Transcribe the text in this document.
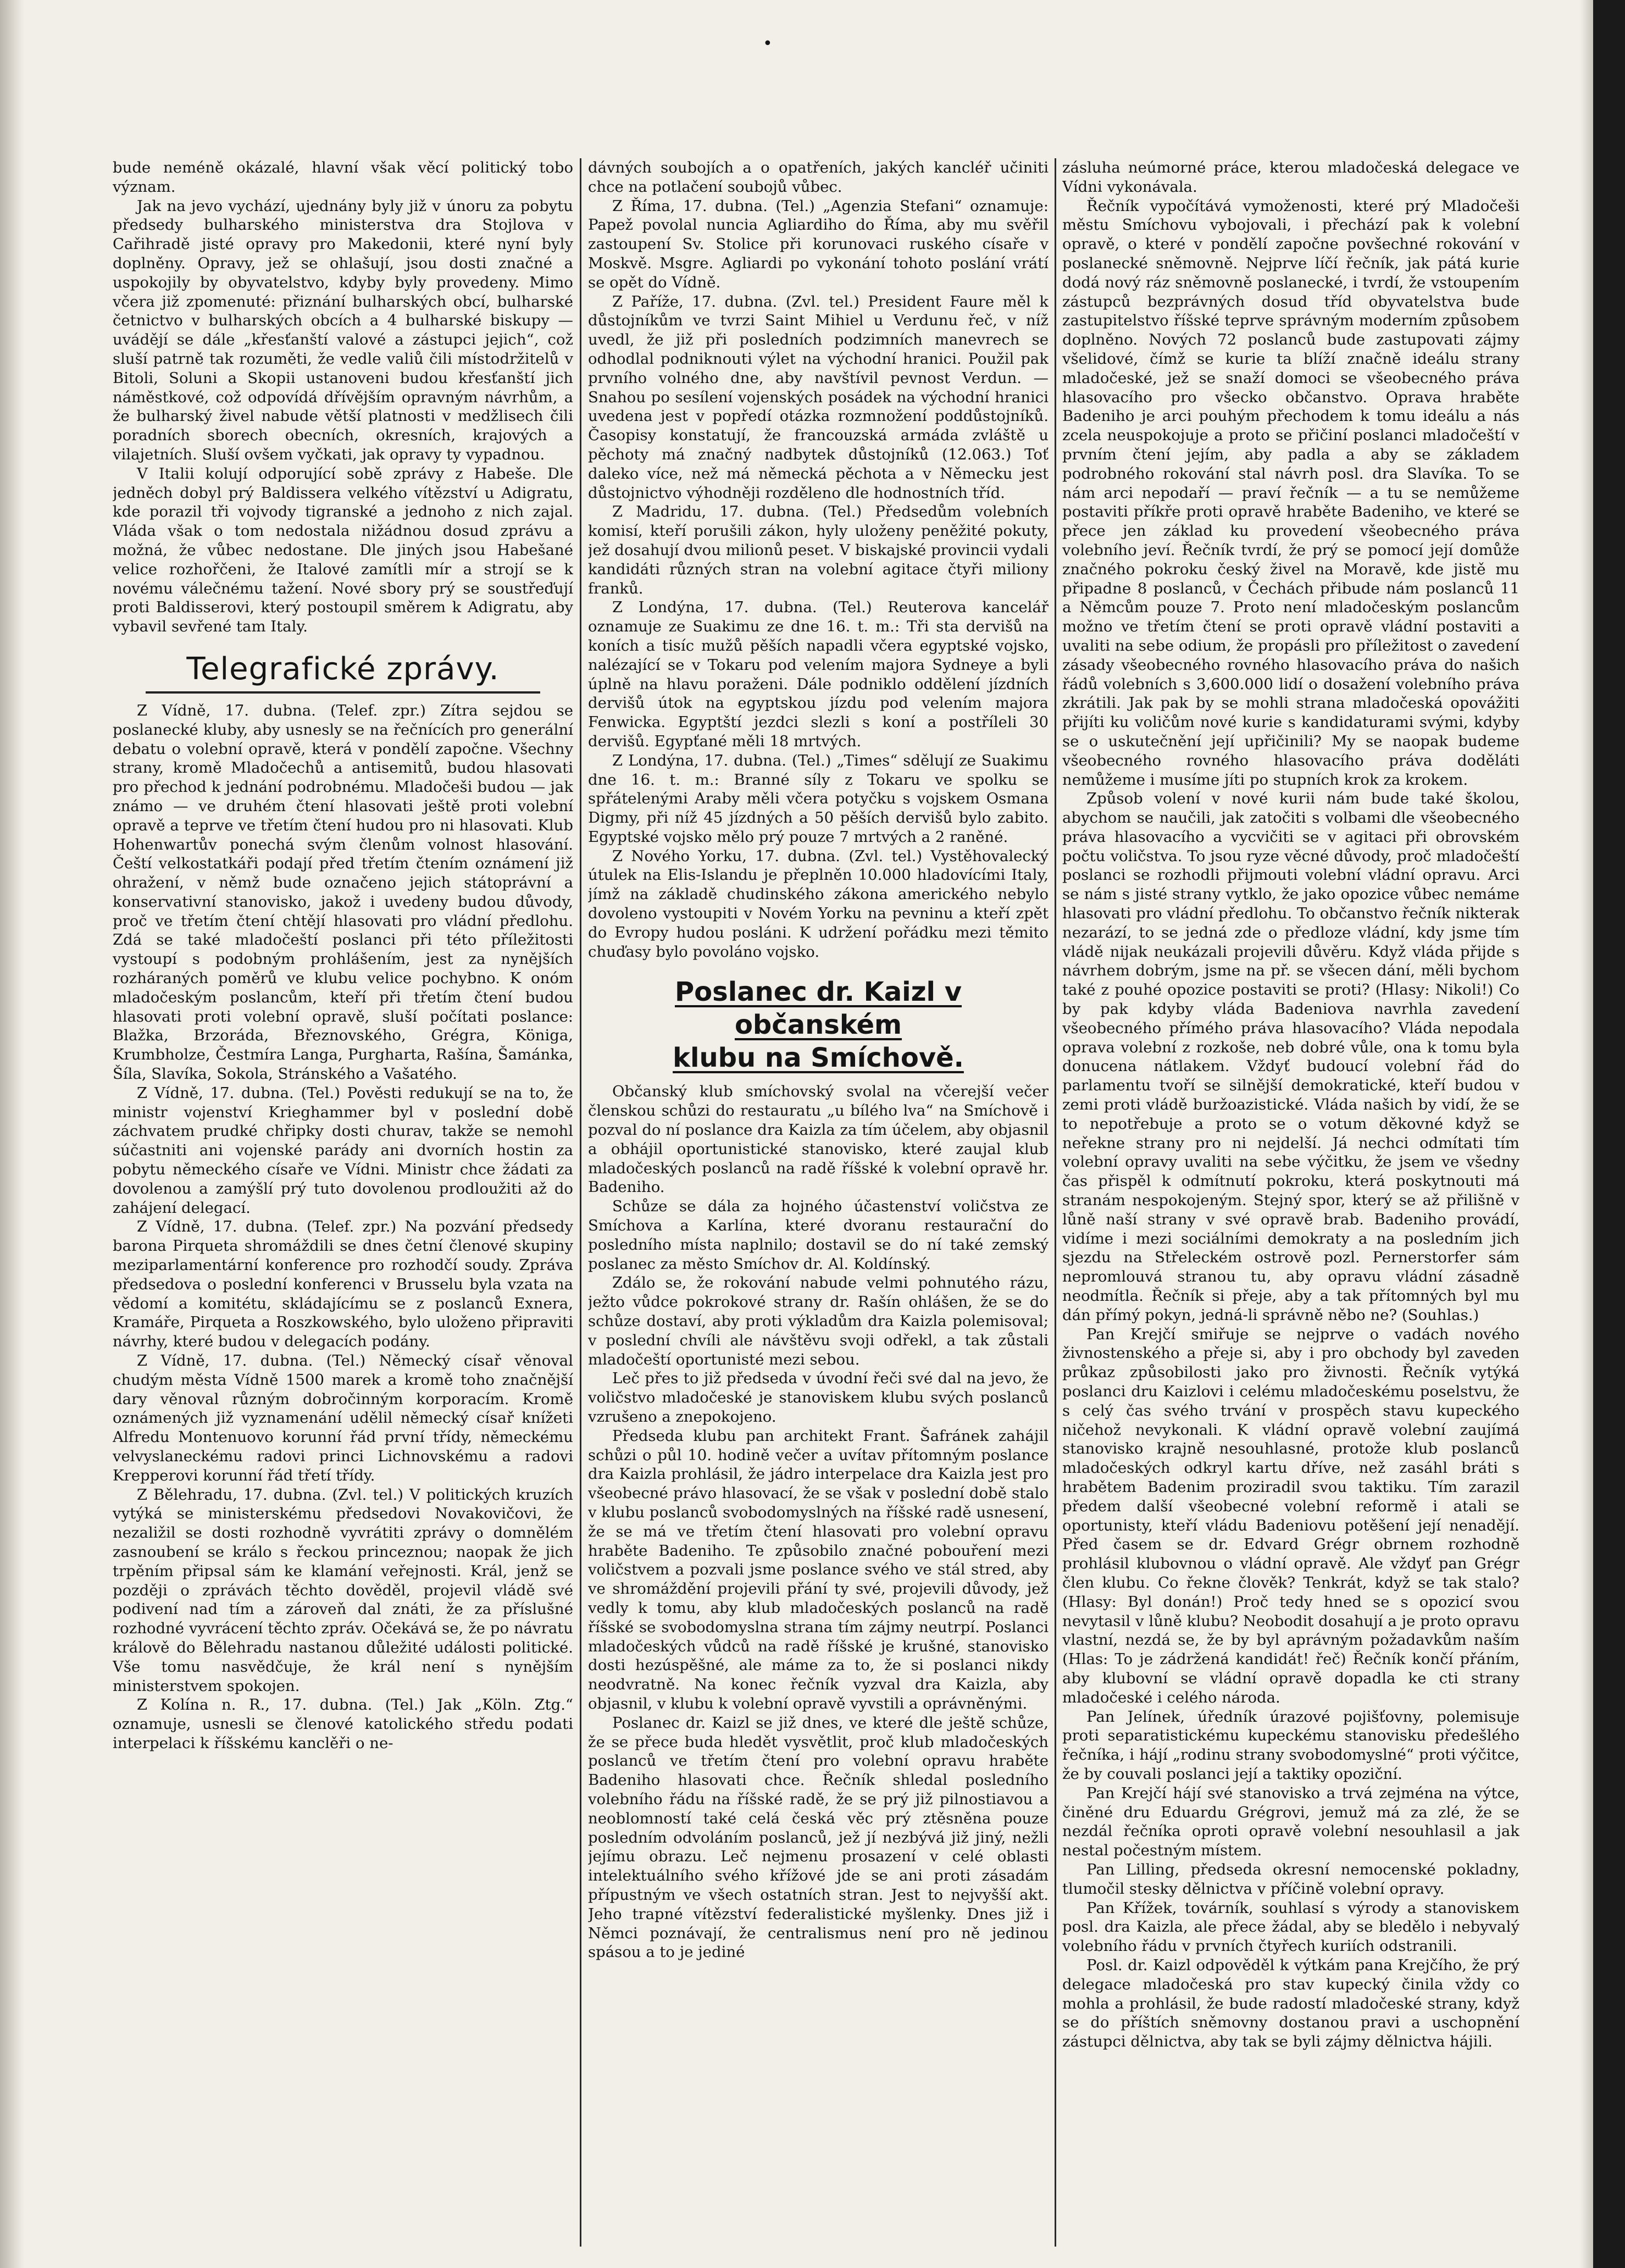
•

bude neméně okázalé, hlavní však věcí politický tobo význam.

Jak na jevo vychází, ujednány byly již v únoru za pobytu předsedy bulharského ministerstva dra Stojlova v Cařihradě jisté opravy pro Makedonii, které nyní byly doplněny. Opravy, jež se ohlašují, jsou dosti značné a uspokojily by obyvatelstvo, kdyby byly provedeny. Mimo včera již zpomenuté: přiznání bulharských obcí, bulharské četnictvo v bulharských obcích a 4 bulharské biskupy — uvádějí se dále „křesťanští valové a zástupci jejich“, což sluší patrně tak rozuměti, že vedle valiů čili místodržitelů v Bitoli, Soluni a Skopii ustanoveni budou křesťanští jich náměstkové, což odpovídá dřívějším opravným návrhům, a že bulharský živel nabude větší platnosti v medžlisech čili poradních sborech obecních, okresních, krajových a vilajetních. Sluší ovšem vyčkati, jak opravy ty vypadnou.

V Italii kolují odporující sobě zprávy z Habeše. Dle jedněch dobyl prý Baldissera velkého vítězství u Adigratu, kde porazil tři vojvody tigranské a jednoho z nich zajal. Vláda však o tom nedostala nižádnou dosud zprávu a možná, že vůbec nedostane. Dle jiných jsou Habešané velice rozhořčeni, že Italové zamítli mír a strojí se k novému válečnému tažení. Nové sbory prý se soustřeďují proti Baldisserovi, který postoupil směrem k Adigratu, aby vybavil sevřené tam Italy.

Telegrafické zprávy.

Z Vídně, 17. dubna. (Telef. zpr.) Zítra sejdou se poslanecké kluby, aby usnesly se na řečnících pro generální debatu o volební opravě, která v pondělí započne. Všechny strany, kromě Mladočechů a antisemitů, budou hlasovati pro přechod k jednání podrobnému. Mladočeši budou — jak známo — ve druhém čtení hlasovati ještě proti volební opravě a teprve ve třetím čtení hudou pro ni hlasovati. Klub Hohenwartův ponechá svým členům volnost hlasování. Čeští velkostatkáři podají před třetím čtením oznámení již ohražení, v němž bude označeno jejich státoprávní a konservativní stanovisko, jakož i uvedeny budou důvody, proč ve třetím čtení chtějí hlasovati pro vládní předlohu. Zdá se také mladočeští poslanci při této příležitosti vystoupí s podobným prohlášením, jest za nynějších rozháraných poměrů ve klubu velice pochybno. K onóm mladočeským poslancům, kteří při třetím čtení budou hlasovati proti volební opravě, sluší počítati poslance: Blažka, Brzoráda, Březnovského, Grégra, Königa, Krumbholze, Čestmíra Langa, Purghartа, Rašína, Šamánka, Šíla, Slavíka, Sokola, Stránského a Vašatého.

Z Vídně, 17. dubna. (Tel.) Pověsti redukují se na to, že ministr vojenství Krieghammer byl v poslední době záchvatem prudké chřipky dosti churav, takže se nemohl súčastniti ani vojenské parády ani dvorních hostin za pobytu německého císaře ve Vídni. Ministr chce žádati za dovolenou a zamýšlí prý tuto dovolenou prodloužiti až do zahájení delegací.

Z Vídně, 17. dubna. (Telef. zpr.) Na pozvání předsedy barona Pirqueta shromáždili se dnes četní členové skupiny meziparlamentární konference pro rozhodčí soudy. Zpráva předsedova o poslední konferenci v Brusselu byla vzata na vědomí a komitétu, skládajícímu se z poslanců Exnera, Kramáře, Pirqueta a Roszkowského, bylo uloženo připraviti návrhy, které budou v delegacích podány.

Z Vídně, 17. dubna. (Tel.) Německý císař věnoval chudým města Vídně 1500 marek a kromě toho značnější dary věnoval různým dobročinným korporacím. Kromě oznámených již vyznamenání udělil německý císař knížeti Alfredu Montenuovo korunní řád první třídy, německému velvyslaneckému radovi princi Lichnovskému a radovi Krepperovi korunní řád třetí třídy.

Z Bělehradu, 17. dubna. (Zvl. tel.) V politických kruzích vytýká se ministerskému předsedovi Novakovičovi, že nezaližil se dosti rozhodně vyvrátiti zprávy o domnělém zasnoubení se králo s řeckou princeznou; naopak že jich trpěním připsal sám ke klamání veřejnosti. Král, jenž se později o zprávách těchto dověděl, projevil vládě své podivení nad tím a zároveň dal znáti, že za příslušné rozhodné vyvrácení těchto zpráv. Očekává se, že po návratu králově do Bělehradu nastanou důležité události politické. Vše tomu nasvědčuje, že král není s nynějším ministerstvem spokojen.

Z Kolína n. R., 17. dubna. (Tel.) Jak „Köln. Ztg.“ oznamuje, usnesli se členové katolického středu podati interpelaci k říšskému kanclěři o ne-

dávných soubojích a o opatřeních, jakých kancléř učiniti chce na potlačení soubojů vůbec.

Z Říma, 17. dubna. (Tel.) „Agenzia Stefani“ oznamuje: Papež povolal nuncia Agliardiho do Říma, aby mu svěřil zastoupení Sv. Stolice při korunovaci ruského císaře v Moskvě. Msgre. Agliardi po vykonání tohoto poslání vrátí se opět do Vídně.

Z Paříže, 17. dubna. (Zvl. tel.) President Faure měl k důstojníkům ve tvrzi Saint Mihiel u Verdunu řeč, v níž uvedl, že již při posledních podzimních manevrech se odhodlal podniknouti výlet na východní hranici. Použil pak prvního volného dne, aby navštívil pevnost Verdun. — Snahou po sesílení vojenských posádek na východní hranici uvedena jest v popředí otázka rozmnožení poddůstojníků. Časopisy konstatují, že francouzská armáda zvláště u pěchoty má značný nadbytek důstojníků (12.063.) Toť daleko více, než má německá pěchota a v Německu jest důstojnictvo výhodněji rozděleno dle hodnostních tříd.

Z Madridu, 17. dubna. (Tel.) Předsedům volebních komisí, kteří porušili zákon, hyly uloženy peněžité pokuty, jež dosahují dvou milionů peset. V biskajské provincii vydali kandidáti různých stran na volební agitace čtyři miliony franků.

Z Londýna, 17. dubna. (Tel.) Reuterova kancelář oznamuje ze Suakimu ze dne 16. t. m.: Tři sta dervišů na koních a tisíc mužů pěších napadli včera egyptské vojsko, nalézající se v Tokaru pod velením majora Sydneye a byli úplně na hlavu poraženi. Dále podniklo oddělení jízdních dervišů útok na egyptskou jízdu pod velením majora Fenwicka. Egyptští jezdci slezli s koní a postříleli 30 dervišů. Egypťané měli 18 mrtvých.

Z Londýna, 17. dubna. (Tel.) „Times“ sdělují ze Suakimu dne 16. t. m.: Branné síly z Tokaru ve spolku se spřátelenými Araby měli včera potyčku s vojskem Osmana Digmy, při níž 45 jízdných a 50 pěších dervišů bylo zabito. Egyptské vojsko mělo prý pouze 7 mrtvých a 2 raněné.

Z Nového Yorku, 17. dubna. (Zvl. tel.) Vystěhovalecký útulek na Elis-Islandu je přeplněn 10.000 hladovícími Italy, jímž na základě chudinského zákona amerického nebylo dovoleno vystoupiti v Novém Yorku na pevninu a kteří zpět do Evropy hudou posláni. K udržení pořádku mezi těmito chuďasy bylo povoláno vojsko.

Poslanec dr. Kaizl v občanském
klubu na Smíchově.

Občanský klub smíchovský svolal na včerejší večer členskou schůzi do restauratu „u bílého lva“ na Smíchově i pozval do ní poslance dra Kaizla za tím účelem, aby objasnil a obhájil oportunistické stanovisko, které zaujal klub mladočeských poslanců na radě říšské k volební opravě hr. Badeniho.

Schůze se dála za hojného účastenství voličstva ze Smíchova a Karlína, které dvoranu restaurační do posledního místa naplnilo; dostavil se do ní také zemský poslanec za město Smíchov dr. Al. Koldínský.

Zdálo se, že rokování nabude velmi pohnutého rázu, ježto vůdce pokrokové strany dr. Rašín ohlášen, že se do schůze dostaví, aby proti výkladům dra Kaizla polemisoval; v poslední chvíli ale návštěvu svoji odřekl, a tak zůstali mladočeští oportunisté mezi sebou.

Leč přes to již předseda v úvodní řeči své dal na jevo, že voličstvo mladočeské je stanoviskem klubu svých poslanců vzrušeno a znepokojeno.

Předseda klubu pan architekt Frant. Šafránek zahájil schůzi o půl 10. hodině večer a uvítav přítomným poslance dra Kaizla prohlásil, že jádro interpelace dra Kaizla jest pro všeobecné právo hlasovací, že se však v poslední době stalo v klubu poslanců svobodomyslných na říšské radě usnesení, že se má ve třetím čtení hlasovati pro volební opravu hraběte Badeniho. Te způsobilo značné pobouření mezi voličstvem a pozvali jsme poslance svého ve stál stred, aby ve shromáždění projevili přání ty své, projevili důvody, jež vedly k tomu, aby klub mladočeských poslanců na radě říšské se svobodomyslna strana tím zájmy neutrpí. Poslanci mladočeských vůdců na radě říšské je krušné, stanovisko dosti hezúspěšné, ale máme za to, že si poslanci nikdy neodvratně. Na konec řečník vyzval dra Kaizla, aby objasnil, v klubu k volební opravě vyvstili a oprávněnými.

Poslanec dr. Kaizl se již dnes, ve které dle ještě schůze, že se přece buda hledět vysvětlit, proč klub mladočeských poslanců ve třetím čtení pro volební opravu hraběte Badeniho hlasovati chce. Řečník shledal posledního volebního řádu na říšské radě, že se prý již pilnostiavou a neoblomností také celá česká věc prý ztěsněna pouze posledním odvoláním poslanců, jež jí nezbývá již jiný, nežli jejímu obrazu. Leč nejmenu prosazení v celé oblasti intelektuálního svého křížové jde se ani proti zásadám přípustným ve všech ostatních stran. Jest to nejvyšší akt. Jeho trapné vítězství federalistické myšlenky. Dnes již i Němci poznávají, že centralismus není pro ně jedinou spásou a to je jediné

zásluha neúmorné práce, kterou mladočeská delegace ve Vídni vykonávala.

Řečník vypočítává vymoženosti, které prý Mladočeši městu Smíchovu vybojovali, i přechází pak k volební opravě, o které v pondělí započne povšechné rokování v poslanecké sněmovně. Nejprve líčí řečník, jak pátá kurie dodá nový ráz sněmovně poslanecké, i tvrdí, že vstoupením zástupců bezprávných dosud tříd obyvatelstva bude zastupitelstvo říšské teprve správným moderním způsobem doplněno. Nových 72 poslanců bude zastupovati zájmy všelidové, čímž se kurie ta blíží značně ideálu strany mladočeské, jež se snaží domoci se všeobecného práva hlasovacího pro všecko občanstvo. Oprava hraběte Badeniho je arci pouhým přechodem k tomu ideálu a nás zcela neuspokojuje a proto se přičiní poslanci mladočeští v prvním čtení jejím, aby padla a aby se základem podrobného rokování stal návrh posl. dra Slavíka. To se nám arci nepodaří — praví řečník — a tu se nemůžeme postaviti příkře proti opravě hraběte Badeniho, ve které se přece jen základ ku provedení všeobecného práva volebního jeví. Řečník tvrdí, že prý se pomocí její domůže značného pokroku český živel na Moravě, kde jistě mu připadne 8 poslanců, v Čechách přibude nám poslanců 11 a Němcům pouze 7. Proto není mladočeským poslancům možno ve třetím čtení se proti opravě vládní postaviti a uvaliti na sebe odium, že propásli pro příležitost o zavedení zásady všeobecného rovného hlasovacího práva do našich řádů volebních s 3,600.000 lidí o dosažení volebního práva zkrátili. Jak pak by se mohli strana mladočeská opovážiti přijíti ku voličům nové kurie s kandidaturami svými, kdyby se o uskutečnění její upřičinili? My se naopak budeme všeobecného rovného hlasovacího práva doděláti nemůžeme i musíme jíti po stupních krok za krokem.

Způsob volení v nové kurii nám bude také školou, abychom se naučili, jak zatočiti s volbami dle všeobecného práva hlasovacího a vycvičiti se v agitaci při obrovském počtu voličstva. To jsou ryze věcné důvody, proč mladočeští poslanci se rozhodli přijmouti volební vládní opravu. Arci se nám s jisté strany vytklo, že jako opozice vůbec nemáme hlasovati pro vládní předlohu. To občanstvo řečník nikterak nezarází, to se jedná zde o předloze vládní, kdy jsme tím vládě nijak neukázali projevili důvěru. Když vláda přijde s návrhem dobrým, jsme na př. se všecen dání, měli bychom také z pouhé opozice postaviti se proti? (Hlasy: Nikoli!) Co by pak kdyby vláda Badeniova navrhla zavedení všeobecného přímého práva hlasovacího? Vláda nepodala oprava volební z rozkoše, neb dobré vůle, ona k tomu byla donucena nátlakem. Vždyť budoucí volební řád do parlamentu tvoří se silnější demokratické, kteří budou v zemi proti vládě buržoazistické. Vláda našich by vidí, že se to nepotřebuje a proto se o votum děkovné když se neřekne strany pro ni nejdelší. Já nechci odmítati tím volební opravy uvaliti na sebe výčitku, že jsem ve všedny čas přispěl k odmítnutí pokroku, která poskytnouti má stranám nespokojeným. Stejný spor, který se až přilišně v lůně naší strany v své opravě brab. Badeniho provádí, vidíme i mezi sociálními demokraty a na posledním jich sjezdu na Střeleckém ostrově pozl. Pernerstorfer sám nepromlouvá stranou tu, aby opravu vládní zásadně neodmítla. Řečník si přeje, aby a tak přítomných byl mu dán přímý pokyn, jedná-li správně něbo ne? (Souhlas.)

Pan Krejčí smiřuje se nejprve o vadách nového živnostenského a přeje si, aby i pro obchody byl zaveden průkaz způsobilosti jako pro živnosti. Řečník vytýká poslanci dru Kaizlovi i celému mladočeskému poselstvu, že s celý čas svého trvání v prospěch stavu kupeckého ničehož nevykonali. K vládní opravě volební zaujímá stanovisko krajně nesouhlasné, protože klub poslanců mladočeských odkryl kartu dříve, než zasáhl bráti s hrabětem Badenim proziradil svou taktiku. Tím zarazil předem další všeobecné volební reformě i atali se oportunisty, kteří vládu Badeniovu potěšení její nenadějí. Před časem se dr. Edvard Grégr obrnem rozhodně prohlásil klubovnou o vládní opravě. Ale vždyť pan Grégr člen klubu. Co řekne člověk? Tenkrát, když se tak stalo? (Hlasy: Byl donán!) Proč tedy hned se s opozicí svou nevytasil v lůně klubu? Neobodit dosahují a je proto opravu vlastní, nezdá se, že by byl aprávným požadavkům naším (Hlas: To je zádržená kandidát! řeč) Řečník končí přáním, aby klubovní se vládní opravě dopadla ke cti strany mladočeské i celého národa.

Pan Jelínek, úředník úrazové pojišťovny, polemisuje proti separatistickému kupeckému stanovisku předešlého řečníka, i hájí „rodinu strany svobodomyslné“ proti výčitce, že by couvali poslanci její a taktiky opoziční.

Pan Krejčí hájí své stanovisko a trvá zejména na výtce, činěné dru Eduardu Grégrovi, jemuž má za zlé, že se nezdál řečníka oproti opravě volební nesouhlasil a jak nestal počestným místem.

Pan Lilling, předseda okresní nemocenské pokladny, tlumočil stesky dělnictva v příčině volební opravy.

Pan Křížek, továrník, souhlasí s výrody a stanoviskem posl. dra Kaizla, ale přece žádal, aby se bledělo i nebyvalý volebního řádu v prvních čtyřech kuriích odstranili.

Posl. dr. Kaizl odpověděl k výtkám pana Krejčího, že prý delegace mladočeská pro stav kupecký činila vždy co mohla a prohlásil, že bude radostí mladočeské strany, když se do příštích sněmovny dostanou pravi a uschopnění zástupci dělnictva, aby tak se byli zájmy dělnictva hájili.
